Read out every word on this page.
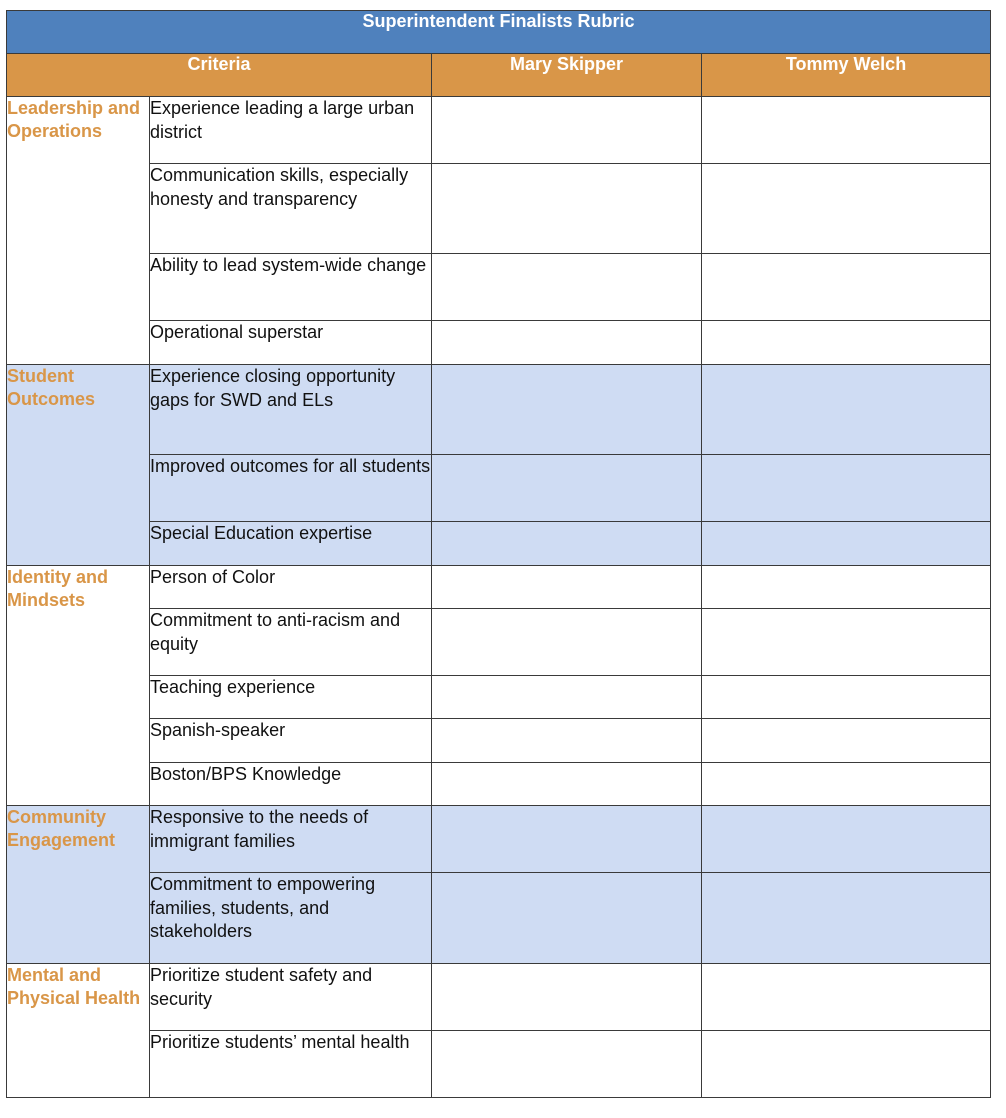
Superintendent Finalists Rubric			
Criteria		Mary Skipper	Tommy Welch
Leadership and Operations	Experience leading a large urban district		
	Communication skills, especially honesty and transparency		
	Ability to lead system-wide change		
	Operational superstar		
Student Outcomes	Experience closing opportunity gaps for SWD and ELs		
	Improved outcomes for all students		
	Special Education expertise		
Identity and Mindsets	Person of Color		
	Commitment to anti-racism and equity		
	Teaching experience		
	Spanish-speaker		
	Boston/BPS Knowledge		
Community Engagement	Responsive to the needs of immigrant families		
	Commitment to empowering families, students, and stakeholders		
Mental and Physical Health	Prioritize student safety and security		
	Prioritize students’ mental health		
